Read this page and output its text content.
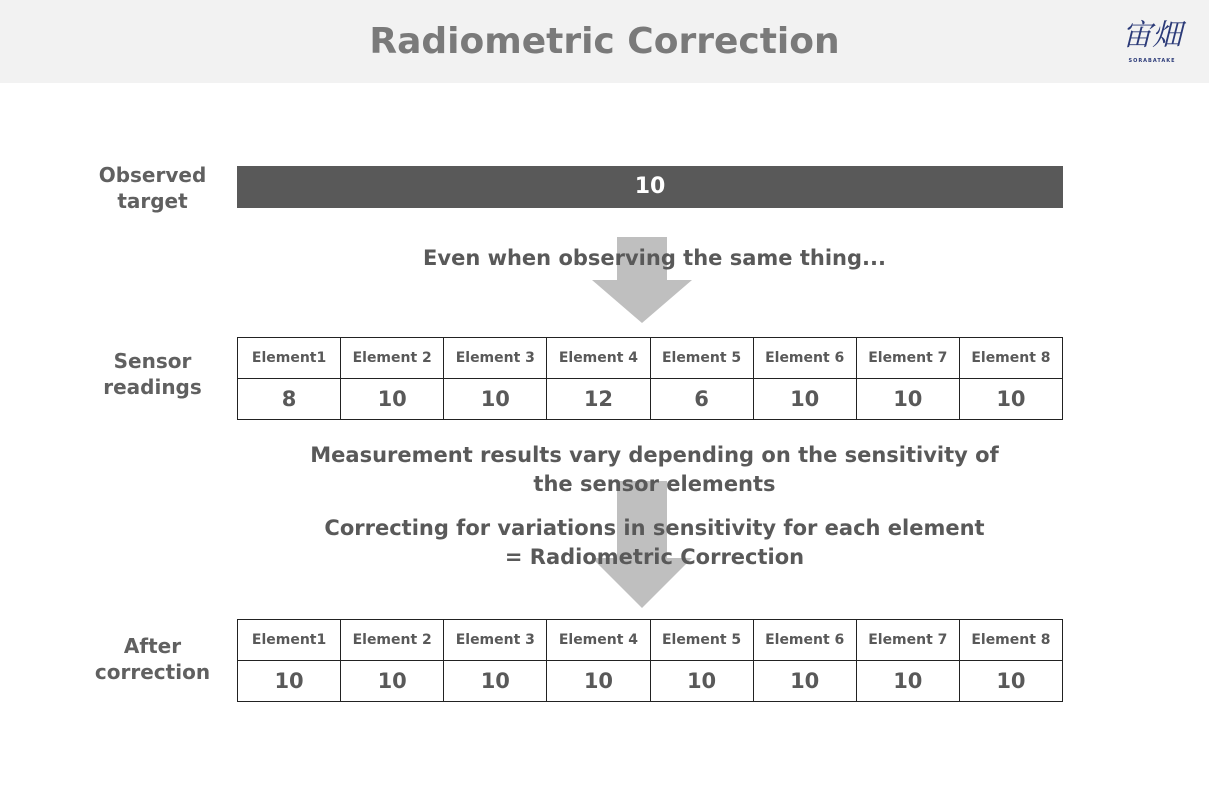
Radiometric Correction	宙畑
SORABATAKE
Observed
target
10
Even when observing the same thing...
Sensor
readings
Element1	Element 2	Element 3	Element 4	Element 5	Element 6	Element 7	Element 8
8	10	10	12	6	10	10	10
Measurement results vary depending on the sensitivity of
the sensor elements
Correcting for variations in sensitivity for each element
= Radiometric Correction
After
correction
Element1	Element 2	Element 3	Element 4	Element 5	Element 6	Element 7	Element 8
10	10	10	10	10	10	10	10
